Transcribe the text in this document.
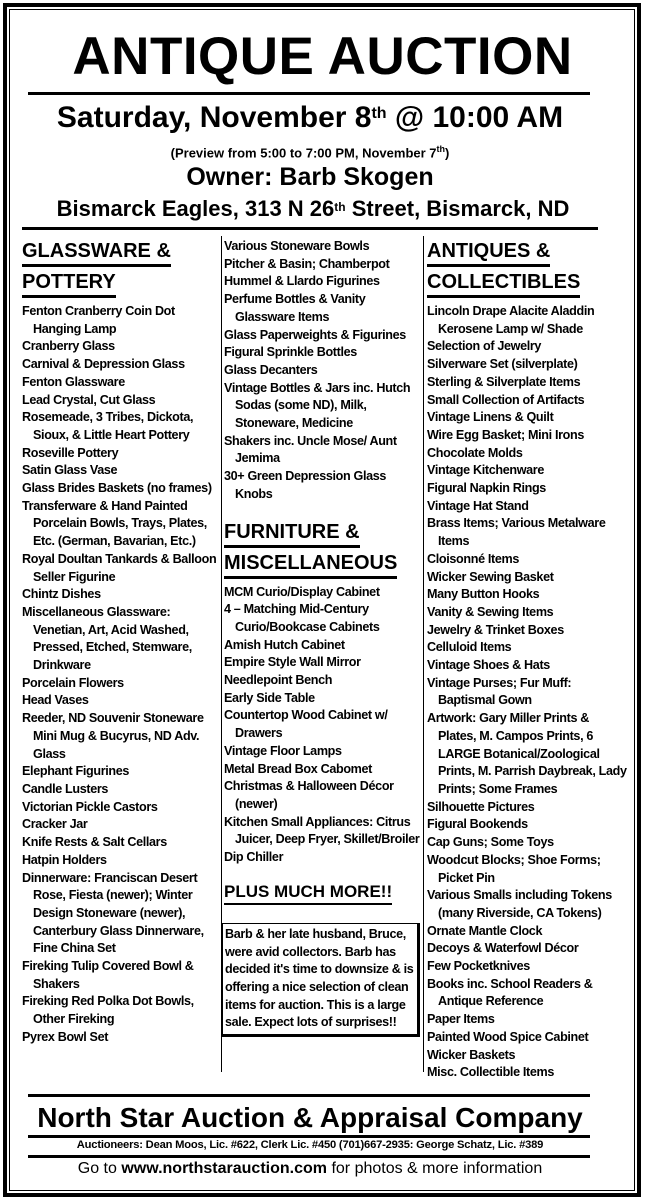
ANTIQUE AUCTION
Saturday, November 8th @ 10:00 AM
(Preview from 5:00 to 7:00 PM, November 7th)
Owner: Barb Skogen
Bismarck Eagles, 313 N 26th Street, Bismarck, ND
GLASSWARE &
POTTERY
Fenton Cranberry Coin Dot Hanging Lamp
Cranberry Glass
Carnival & Depression Glass
Fenton Glassware
Lead Crystal, Cut Glass
Rosemeade, 3 Tribes, Dickota, Sioux, & Little Heart Pottery
Roseville Pottery
Satin Glass Vase
Glass Brides Baskets (no frames)
Transferware & Hand Painted Porcelain Bowls, Trays, Plates, Etc. (German, Bavarian, Etc.)
Royal Doultan Tankards & Balloon Seller Figurine
Chintz Dishes
Miscellaneous Glassware: Venetian, Art, Acid Washed, Pressed, Etched, Stemware, Drinkware
Porcelain Flowers
Head Vases
Reeder, ND Souvenir Stoneware Mini Mug & Bucyrus, ND Adv. Glass
Elephant Figurines
Candle Lusters
Victorian Pickle Castors
Cracker Jar
Knife Rests & Salt Cellars
Hatpin Holders
Dinnerware: Franciscan Desert Rose, Fiesta (newer); Winter Design Stoneware (newer), Canterbury Glass Dinnerware, Fine China Set
Fireking Tulip Covered Bowl & Shakers
Fireking Red Polka Dot Bowls, Other Fireking
Pyrex Bowl Set
Various Stoneware Bowls
Pitcher & Basin; Chamberpot
Hummel & Llardo Figurines
Perfume Bottles & Vanity Glassware Items
Glass Paperweights & Figurines
Figural Sprinkle Bottles
Glass Decanters
Vintage Bottles & Jars inc. Hutch Sodas (some ND), Milk, Stoneware, Medicine
Shakers inc. Uncle Mose/ Aunt Jemima
30+ Green Depression Glass Knobs
FURNITURE &
MISCELLANEOUS
MCM Curio/Display Cabinet
4 – Matching Mid-Century Curio/Bookcase Cabinets
Amish Hutch Cabinet
Empire Style Wall Mirror
Needlepoint Bench
Early Side Table
Countertop Wood Cabinet w/ Drawers
Vintage Floor Lamps
Metal Bread Box Cabomet
Christmas & Halloween Décor (newer)
Kitchen Small Appliances: Citrus Juicer, Deep Fryer, Skillet/Broiler
Dip Chiller
PLUS MUCH MORE!!
Barb & her late husband, Bruce, were avid collectors. Barb has decided it's time to downsize & is offering a nice selection of clean items for auction. This is a large sale. Expect lots of surprises!!
ANTIQUES &
COLLECTIBLES
Lincoln Drape Alacite Aladdin Kerosene Lamp w/ Shade
Selection of Jewelry
Silverware Set (silverplate)
Sterling & Silverplate Items
Small Collection of Artifacts
Vintage Linens & Quilt
Wire Egg Basket; Mini Irons
Chocolate Molds
Vintage Kitchenware
Figural Napkin Rings
Vintage Hat Stand
Brass Items; Various Metalware Items
Cloisonné Items
Wicker Sewing Basket
Many Button Hooks
Vanity & Sewing Items
Jewelry & Trinket Boxes
Celluloid Items
Vintage Shoes & Hats
Vintage Purses; Fur Muff: Baptismal Gown
Artwork: Gary Miller Prints & Plates, M. Campos Prints, 6 LARGE Botanical/Zoological Prints, M. Parrish Daybreak, Lady Prints; Some Frames
Silhouette Pictures
Figural Bookends
Cap Guns; Some Toys
Woodcut Blocks; Shoe Forms; Picket Pin
Various Smalls including Tokens (many Riverside, CA Tokens)
Ornate Mantle Clock
Decoys & Waterfowl Décor
Few Pocketknives
Books inc. School Readers & Antique Reference
Paper Items
Painted Wood Spice Cabinet
Wicker Baskets
Misc. Collectible Items
North Star Auction & Appraisal Company
Auctioneers: Dean Moos, Lic. #622, Clerk Lic. #450 (701)667-2935: George Schatz, Lic. #389
Go to www.northstarauction.com for photos & more information
